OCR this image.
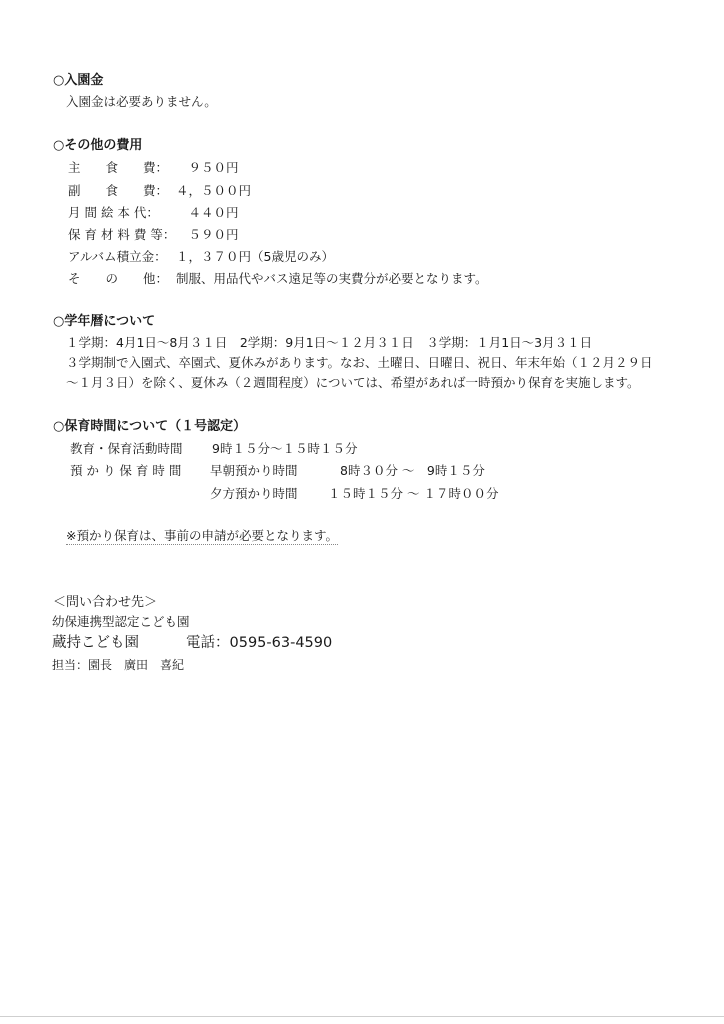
○入園金
入園金は必要ありません。
○その他の費用
主　　食　　費： 　９５０円
副　　食　　費： ４，５００円
月 間 絵 本 代：	　４４０円
保 育 材 料 費 等： 　５９０円
アルバム積立金： １，３７０円（5歳児のみ）
そ　　の　　他： 制服、用品代やバス遠足等の実費分が必要となります。
○学年暦について
１学期：4月1日～8月３１日　2学期：9月1日～１２月３１日　３学期：１月1日～3月３１日
３学期制で入園式、卒園式、夏休みがあります。なお、土曜日、日曜日、祝日、年末年始（１２月２９日
～１月３日）を除く、夏休み（２週間程度）については、希望があれば一時預かり保育を実施します。
○保育時間について（１号認定）
教育・保育活動時間 9時１５分～１５時１５分
預 か り 保 育 時 間 早朝預かり時間	8時３０分 ～　9時１５分
夕方預かり時間 １５時１５分 ～ １７時００分
※預かり保育は、事前の申請が必要となります。
＜問い合わせ先＞
幼保連携型認定こども園
蔵持こども園	電話：0595-63-4590
担当：園長　廣田　喜紀
